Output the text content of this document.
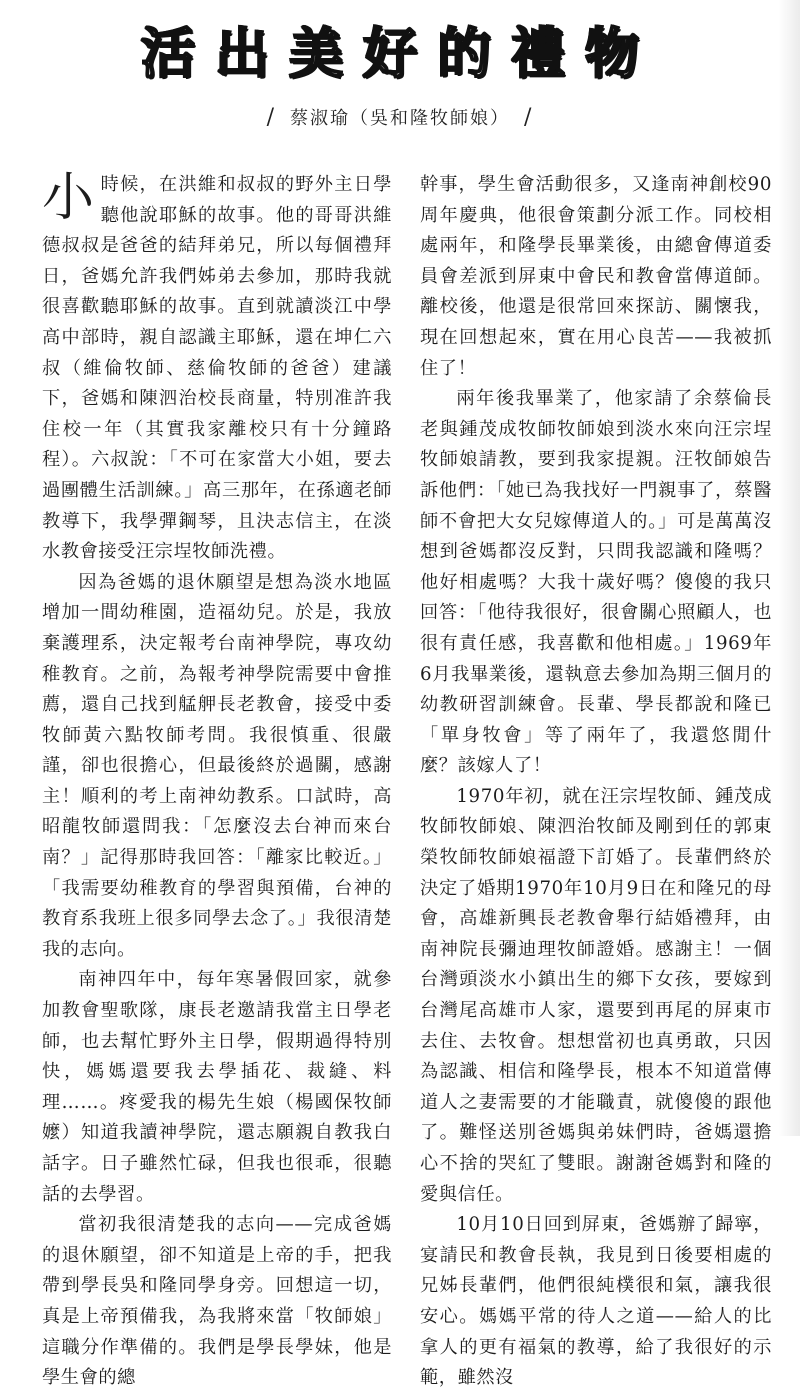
活出美好的禮物
/ 蔡淑瑜（吳和隆牧師娘） /

小時候，在洪維和叔叔的野外主日學聽他說耶穌的故事。他的哥哥洪維德叔叔是爸爸的結拜弟兄，所以每個禮拜日，爸媽允許我們姊弟去參加，那時我就很喜歡聽耶穌的故事。直到就讀淡江中學高中部時，親自認識主耶穌，還在坤仁六叔（維倫牧師、慈倫牧師的爸爸）建議下，爸媽和陳泗治校長商量，特別准許我住校一年（其實我家離校只有十分鐘路程）。六叔說：「不可在家當大小姐，要去過團體生活訓練。」高三那年，在孫適老師教導下，我學彈鋼琴，且決志信主，在淡水教會接受汪宗埕牧師洗禮。

因為爸媽的退休願望是想為淡水地區增加一間幼稚園，造福幼兒。於是，我放棄護理系，決定報考台南神學院，專攻幼稚教育。之前，為報考神學院需要中會推薦，還自己找到艋舺長老教會，接受中委牧師黃六點牧師考問。我很慎重、很嚴謹，卻也很擔心，但最後終於過關，感謝主！順利的考上南神幼教系。口試時，高昭龍牧師還問我：「怎麼沒去台神而來台南？」記得那時我回答：「離家比較近。」「我需要幼稚教育的學習與預備，台神的教育系我班上很多同學去念了。」我很清楚我的志向。

南神四年中，每年寒暑假回家，就參加教會聖歌隊，康長老邀請我當主日學老師，也去幫忙野外主日學，假期過得特別快，媽媽還要我去學插花、裁縫、料理……。疼愛我的楊先生娘（楊國保牧師嬤）知道我讀神學院，還志願親自教我白話字。日子雖然忙碌，但我也很乖，很聽話的去學習。

當初我很清楚我的志向——完成爸媽的退休願望，卻不知道是上帝的手，把我帶到學長吳和隆同學身旁。回想這一切，真是上帝預備我，為我將來當「牧師娘」這職分作準備的。我們是學長學妹，他是學生會的總

幹事，學生會活動很多，又逢南神創校90周年慶典，他很會策劃分派工作。同校相處兩年，和隆學長畢業後，由總會傳道委員會差派到屏東中會民和教會當傳道師。離校後，他還是很常回來探訪、關懷我，現在回想起來，實在用心良苦——我被抓住了！

兩年後我畢業了，他家請了余蔡倫長老與鍾茂成牧師牧師娘到淡水來向汪宗埕牧師娘請教，要到我家提親。汪牧師娘告訴他們：「她已為我找好一門親事了，蔡醫師不會把大女兒嫁傳道人的。」可是萬萬沒想到爸媽都沒反對，只問我認識和隆嗎？他好相處嗎？大我十歲好嗎？傻傻的我只回答：「他待我很好，很會關心照顧人，也很有責任感，我喜歡和他相處。」1969年6月我畢業後，還執意去參加為期三個月的幼教研習訓練會。長輩、學長都說和隆已「單身牧會」等了兩年了，我還悠閒什麼？該嫁人了！

1970年初，就在汪宗埕牧師、鍾茂成牧師牧師娘、陳泗治牧師及剛到任的郭東榮牧師牧師娘福證下訂婚了。長輩們終於決定了婚期1970年10月9日在和隆兄的母會，高雄新興長老教會舉行結婚禮拜，由南神院長彌迪理牧師證婚。感謝主！一個台灣頭淡水小鎮出生的鄉下女孩，要嫁到台灣尾高雄市人家，還要到再尾的屏東市去住、去牧會。想想當初也真勇敢，只因為認識、相信和隆學長，根本不知道當傳道人之妻需要的才能職責，就傻傻的跟他了。難怪送別爸媽與弟妹們時，爸媽還擔心不捨的哭紅了雙眼。謝謝爸媽對和隆的愛與信任。

10月10日回到屏東，爸媽辦了歸寧，宴請民和教會長執，我見到日後要相處的兄姊長輩們，他們很純樸很和氣，讓我很安心。媽媽平常的待人之道——給人的比拿人的更有福氣的教導，給了我很好的示範，雖然沒
